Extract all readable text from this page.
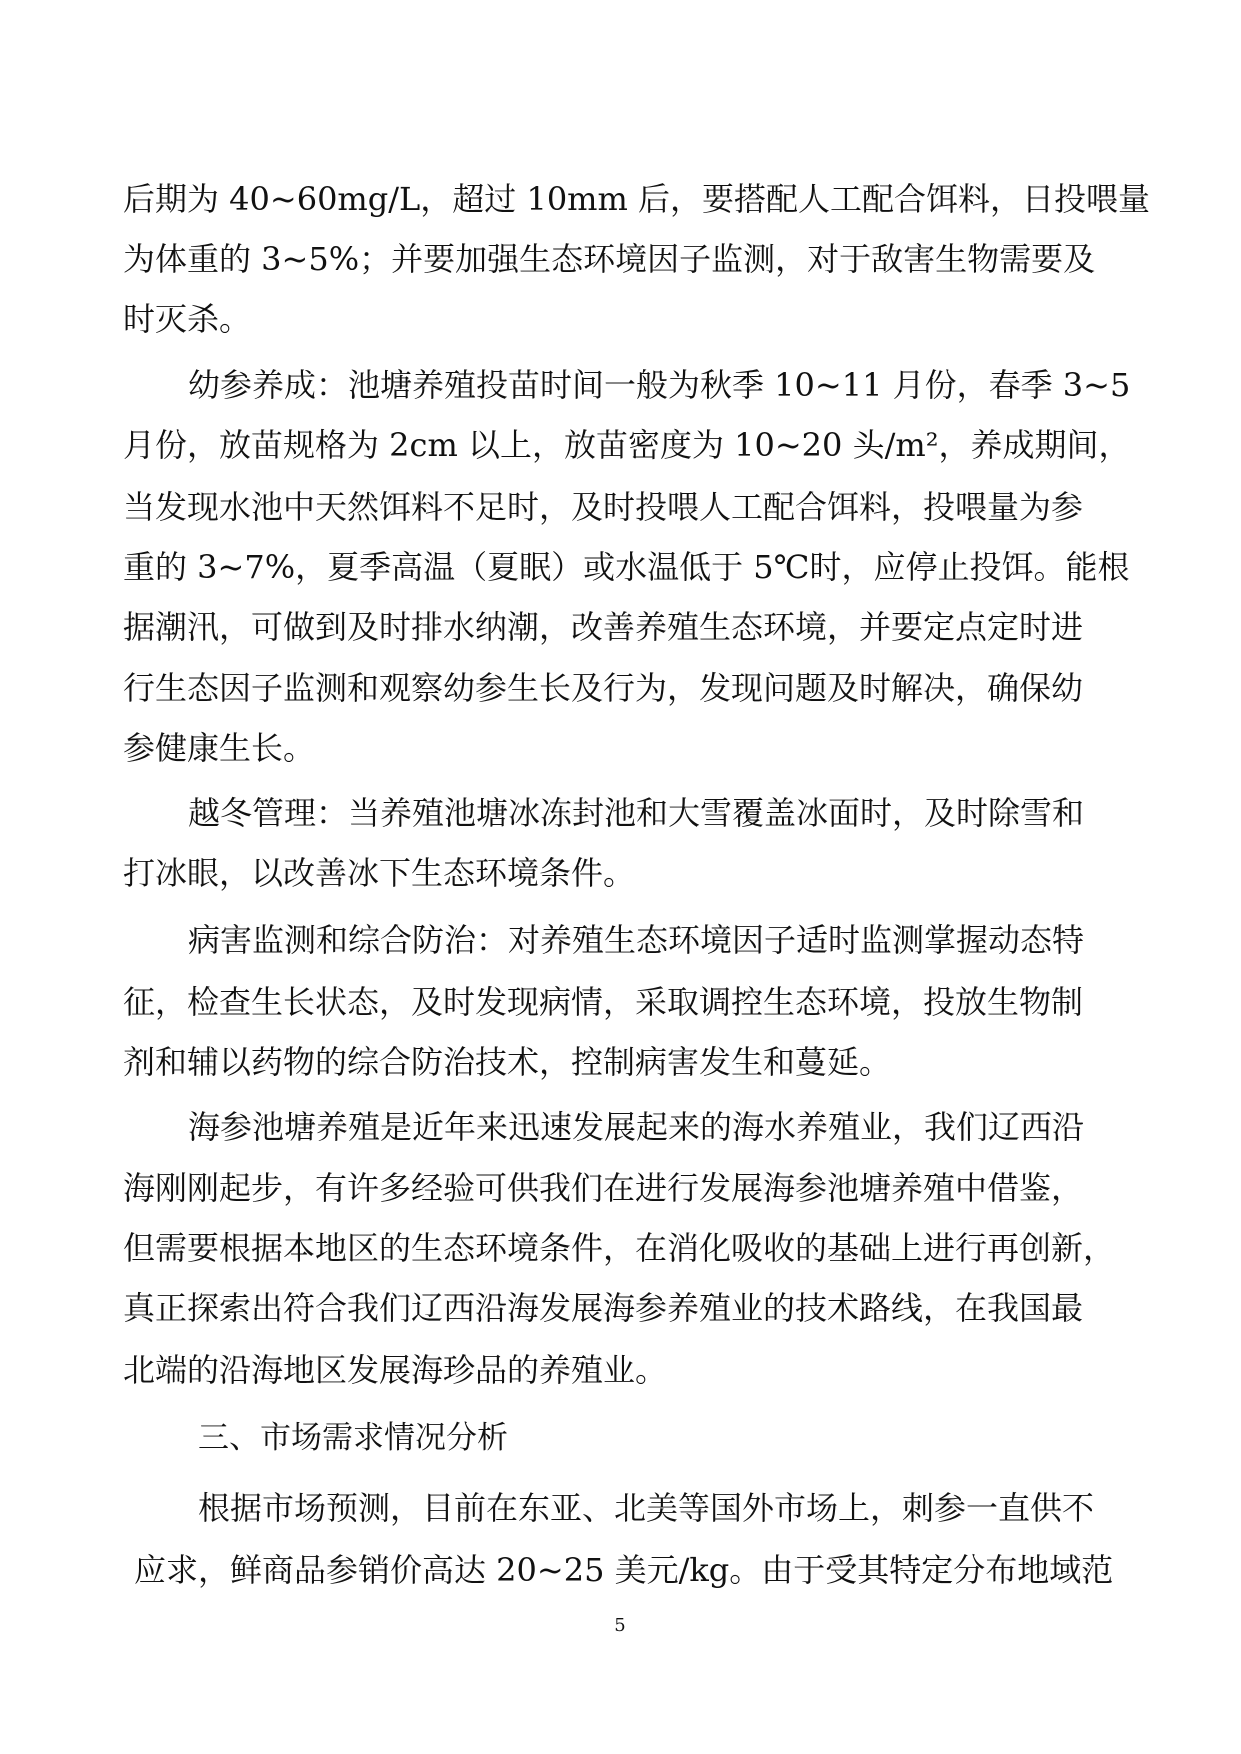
后期为 40~60mg/L，超过 10mm 后，要搭配人工配合饵料，日投喂量
为体重的 3~5%；并要加强生态环境因子监测，对于敌害生物需要及
时灭杀。
幼参养成：池塘养殖投苗时间一般为秋季 10~11 月份，春季 3~5
月份，放苗规格为 2cm 以上，放苗密度为 10~20 头/m²，养成期间，
当发现水池中天然饵料不足时，及时投喂人工配合饵料，投喂量为参
重的 3~7%，夏季高温（夏眠）或水温低于 5℃时，应停止投饵。能根
据潮汛，可做到及时排水纳潮，改善养殖生态环境，并要定点定时进
行生态因子监测和观察幼参生长及行为，发现问题及时解决，确保幼
参健康生长。
越冬管理：当养殖池塘冰冻封池和大雪覆盖冰面时，及时除雪和
打冰眼，以改善冰下生态环境条件。
病害监测和综合防治：对养殖生态环境因子适时监测掌握动态特
征，检查生长状态，及时发现病情，采取调控生态环境，投放生物制
剂和辅以药物的综合防治技术，控制病害发生和蔓延。
海参池塘养殖是近年来迅速发展起来的海水养殖业，我们辽西沿
海刚刚起步，有许多经验可供我们在进行发展海参池塘养殖中借鉴，
但需要根据本地区的生态环境条件，在消化吸收的基础上进行再创新，
真正探索出符合我们辽西沿海发展海参养殖业的技术路线，在我国最
北端的沿海地区发展海珍品的养殖业。
三、市场需求情况分析
根据市场预测，目前在东亚、北美等国外市场上，刺参一直供不
应求，鲜商品参销价高达 20~25 美元/kg。由于受其特定分布地域范
5
